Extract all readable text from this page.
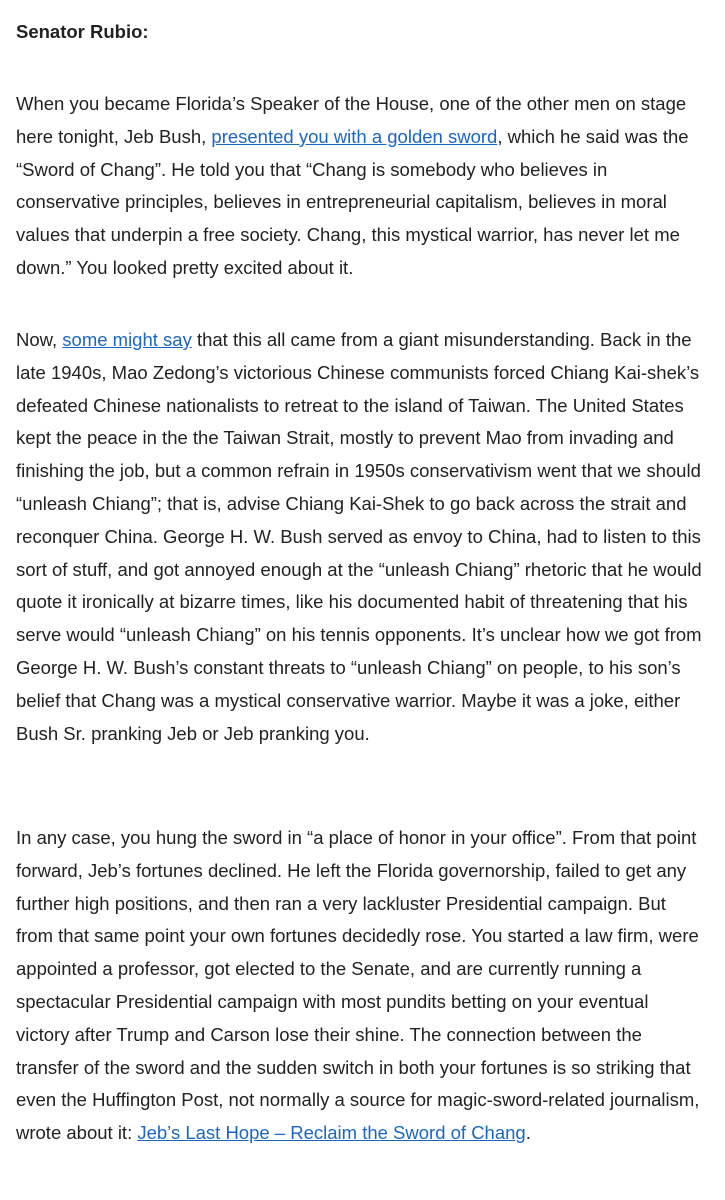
Senator Rubio:

When you became Florida’s Speaker of the House, one of the other men on stage here tonight, Jeb Bush, presented you with a golden sword, which he said was the “Sword of Chang”. He told you that “Chang is somebody who believes in conservative principles, believes in entrepreneurial capitalism, believes in moral values that underpin a free society. Chang, this mystical warrior, has never let me down.” You looked pretty excited about it.

Now, some might say that this all came from a giant misunderstanding. Back in the late 1940s, Mao Zedong’s victorious Chinese communists forced Chiang Kai-shek’s defeated Chinese nationalists to retreat to the island of Taiwan. The United States kept the peace in the the Taiwan Strait, mostly to prevent Mao from invading and finishing the job, but a common refrain in 1950s conservativism went that we should “unleash Chiang”; that is, advise Chiang Kai-Shek to go back across the strait and reconquer China. George H. W. Bush served as envoy to China, had to listen to this sort of stuff, and got annoyed enough at the “unleash Chiang” rhetoric that he would quote it ironically at bizarre times, like his documented habit of threatening that his serve would “unleash Chiang” on his tennis opponents. It’s unclear how we got from George H. W. Bush’s constant threats to “unleash Chiang” on people, to his son’s belief that Chang was a mystical conservative warrior. Maybe it was a joke, either Bush Sr. pranking Jeb or Jeb pranking you.

In any case, you hung the sword in “a place of honor in your office”. From that point forward, Jeb’s fortunes declined. He left the Florida governorship, failed to get any further high positions, and then ran a very lackluster Presidential campaign. But from that same point your own fortunes decidedly rose. You started a law firm, were appointed a professor, got elected to the Senate, and are currently running a spectacular Presidential campaign with most pundits betting on your eventual victory after Trump and Carson lose their shine. The connection between the transfer of the sword and the sudden switch in both your fortunes is so striking that even the Huffington Post, not normally a source for magic-sword-related journalism, wrote about it: Jeb’s Last Hope – Reclaim the Sword of Chang.
